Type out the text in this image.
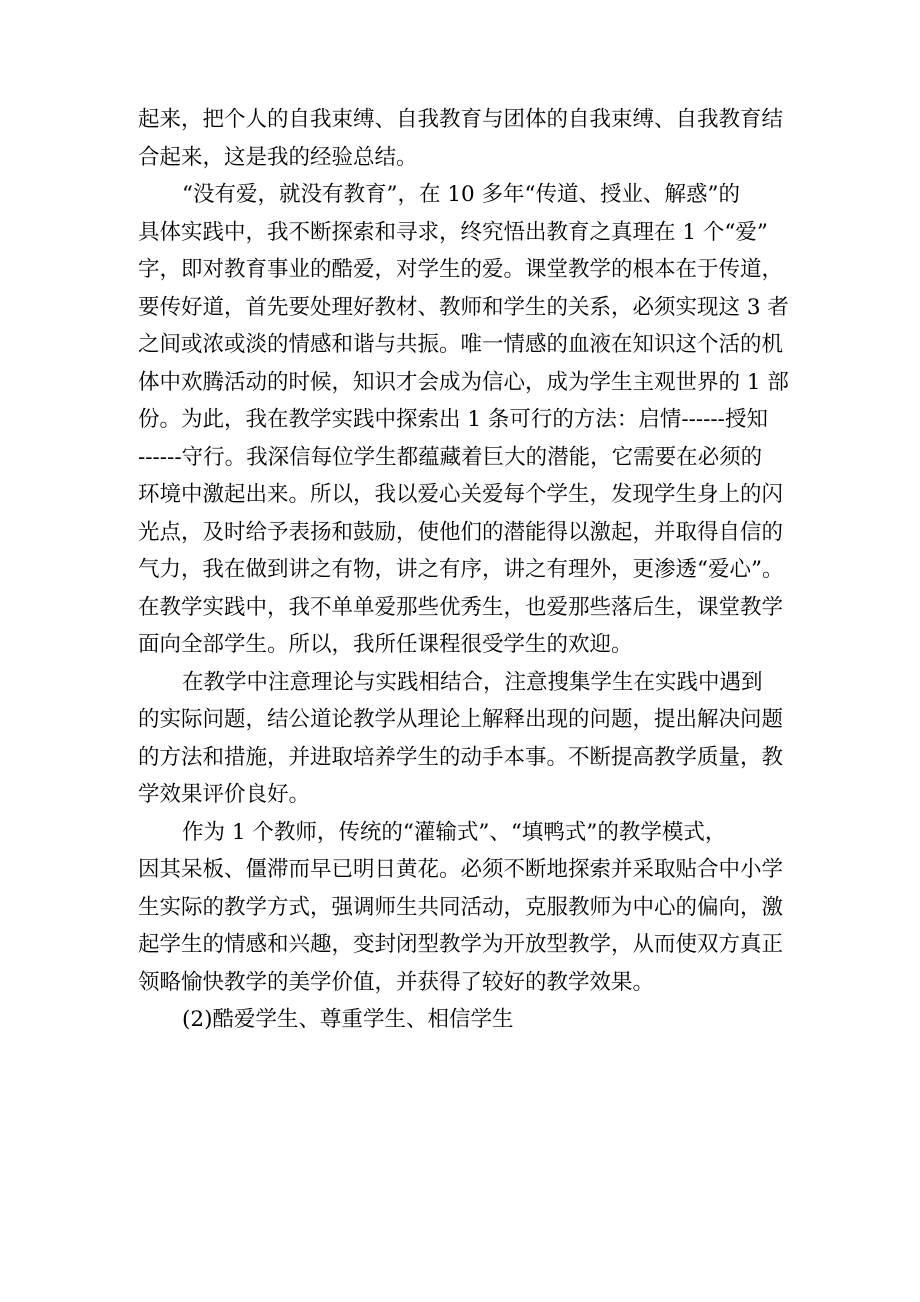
起来，把个人的自我束缚、自我教育与团体的自我束缚、自我教育结
合起来，这是我的经验总结。

“没有爱，就没有教育”，在 10 多年“传道、授业、解惑”的
具体实践中，我不断探索和寻求，终究悟出教育之真理在 1 个“爱”
字，即对教育事业的酷爱，对学生的爱。课堂教学的根本在于传道，
要传好道，首先要处理好教材、教师和学生的关系，必须实现这 3 者
之间或浓或淡的情感和谐与共振。唯一情感的血液在知识这个活的机
体中欢腾活动的时候，知识才会成为信心，成为学生主观世界的 1 部
份。为此，我在教学实践中探索出 1 条可行的方法：启情------授知
------守行。我深信每位学生都蕴藏着巨大的潜能，它需要在必须的
环境中激起出来。所以，我以爱心关爱每个学生，发现学生身上的闪
光点，及时给予表扬和鼓励，使他们的潜能得以激起，并取得自信的
气力，我在做到讲之有物，讲之有序，讲之有理外，更渗透“爱心”。
在教学实践中，我不单单爱那些优秀生，也爱那些落后生，课堂教学
面向全部学生。所以，我所任课程很受学生的欢迎。

在教学中注意理论与实践相结合，注意搜集学生在实践中遇到
的实际问题，结公道论教学从理论上解释出现的问题，提出解决问题
的方法和措施，并进取培养学生的动手本事。不断提高教学质量，教
学效果评价良好。

作为 1 个教师，传统的“灌输式”、“填鸭式”的教学模式，
因其呆板、僵滞而早已明日黄花。必须不断地探索并采取贴合中小学
生实际的教学方式，强调师生共同活动，克服教师为中心的偏向，激
起学生的情感和兴趣，变封闭型教学为开放型教学，从而使双方真正
领略愉快教学的美学价值，并获得了较好的教学效果。

(2)酷爱学生、尊重学生、相信学生
